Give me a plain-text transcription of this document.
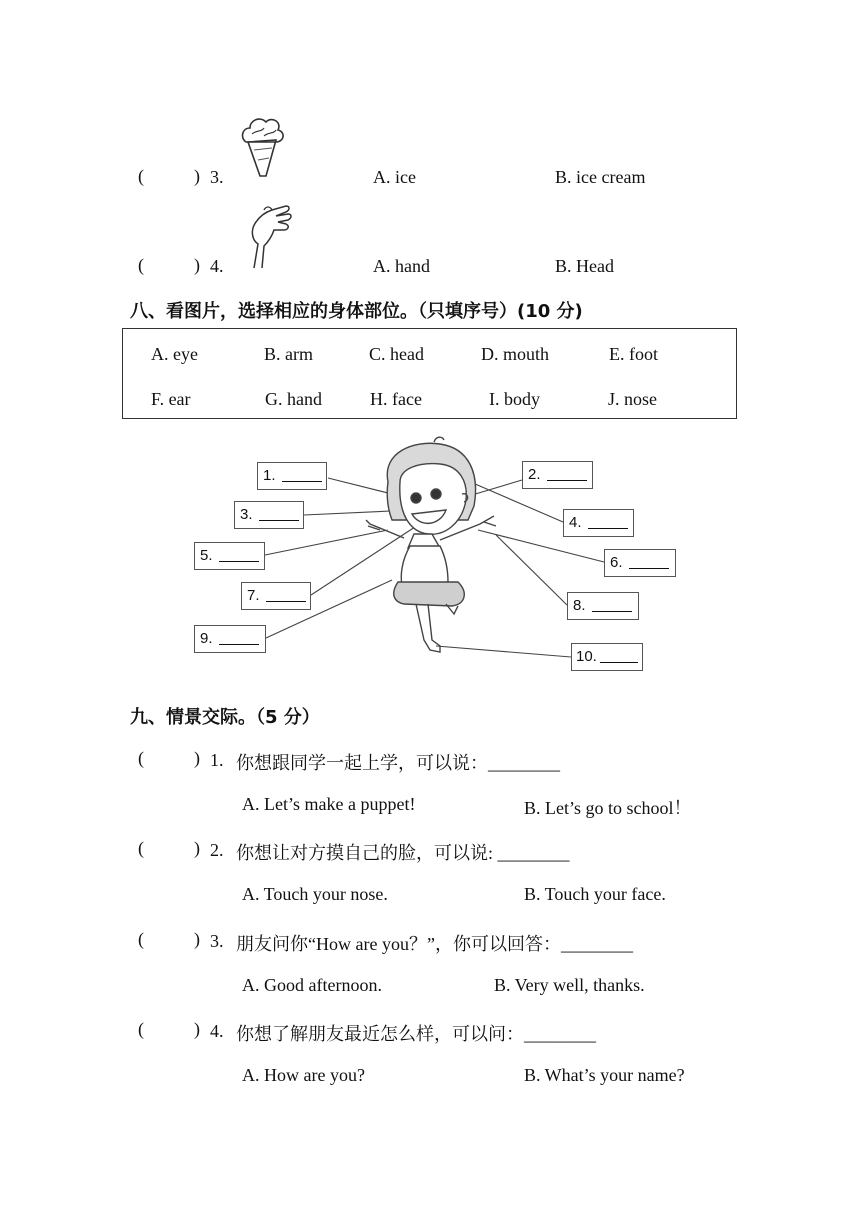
(	) 3.	A. ice	B. ice cream
(	) 4.	A. hand	B. Head
八、看图片，选择相应的身体部位。（只填序号）(10 分)
A. eye	B. arm	C. head	D. mouth	E. foot
F. ear	G. hand	H. face	I. body	J. nose
1.	2.
3.	4.
5.	6.
7.
8.
9.
10.
九、情景交际。（5 分）
(	) 1. 你想跟同学一起上学，可以说：________
A. Let’s make a puppet!	B. Let’s go to school！
(	) 2. 你想让对方摸自己的脸，可以说: ________
A. Touch your nose.	B. Touch your face.
(	) 3. 朋友问你“How are you？”，你可以回答：________
A. Good afternoon.	B. Very well, thanks.
(	) 4. 你想了解朋友最近怎么样，可以问：________
A. How are you?	B. What’s your name?
